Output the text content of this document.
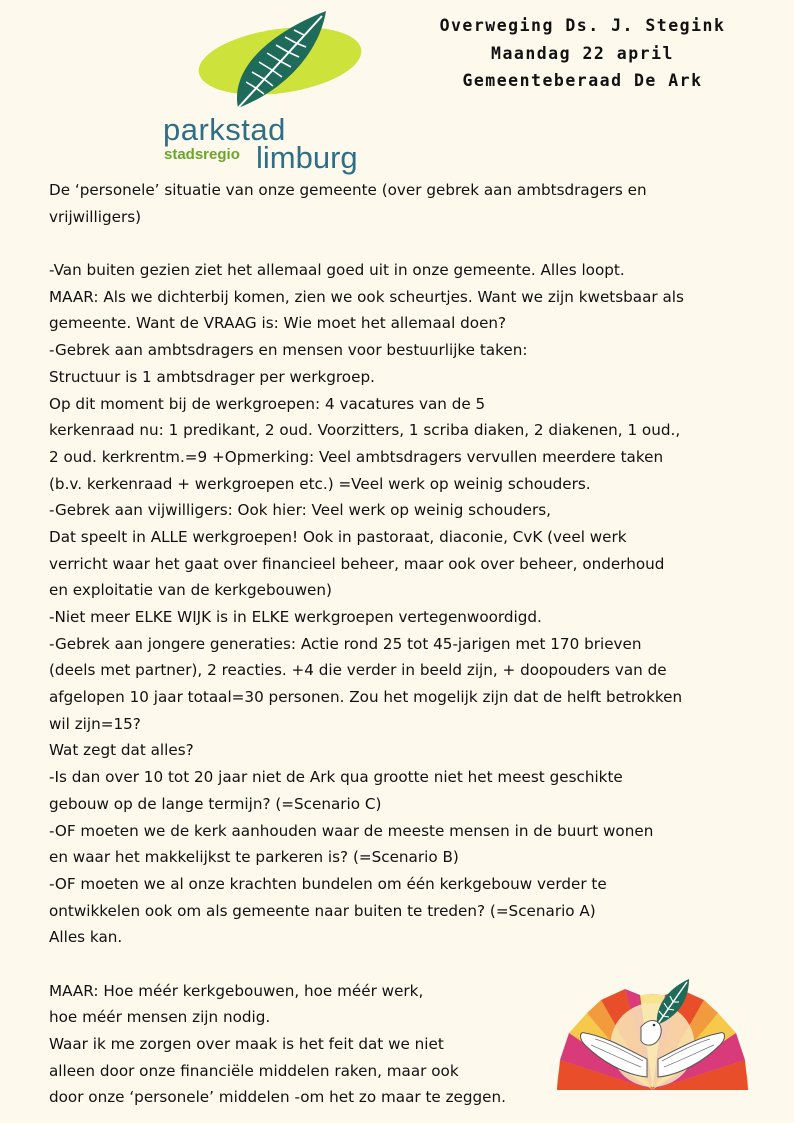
parkstad
stadsregio limburg
Overweging Ds. J. Stegink
Maandag 22 april
Gemeenteberaad De Ark
De ‘personele’ situatie van onze gemeente (over gebrek aan ambtsdragers en
vrijwilligers)
-Van buiten gezien ziet het allemaal goed uit in onze gemeente. Alles loopt.
MAAR: Als we dichterbij komen, zien we ook scheurtjes. Want we zijn kwetsbaar als
gemeente. Want de VRAAG is: Wie moet het allemaal doen?
-Gebrek aan ambtsdragers en mensen voor bestuurlijke taken:
Structuur is 1 ambtsdrager per werkgroep.
Op dit moment bij de werkgroepen: 4 vacatures van de 5
kerkenraad nu: 1 predikant, 2 oud. Voorzitters, 1 scriba diaken, 2 diakenen, 1 oud.,
2 oud. kerkrentm.=9 +Opmerking: Veel ambtsdragers vervullen meerdere taken
(b.v. kerkenraad + werkgroepen etc.) =Veel werk op weinig schouders.
-Gebrek aan vijwilligers: Ook hier: Veel werk op weinig schouders,
Dat speelt in ALLE werkgroepen! Ook in pastoraat, diaconie, CvK (veel werk
verricht waar het gaat over financieel beheer, maar ook over beheer, onderhoud
en exploitatie van de kerkgebouwen)
-Niet meer ELKE WIJK is in ELKE werkgroepen vertegenwoordigd.
-Gebrek aan jongere generaties: Actie rond 25 tot 45-jarigen met 170 brieven
(deels met partner), 2 reacties. +4 die verder in beeld zijn, + doopouders van de
afgelopen 10 jaar totaal=30 personen. Zou het mogelijk zijn dat de helft betrokken
wil zijn=15?
Wat zegt dat alles?
-Is dan over 10 tot 20 jaar niet de Ark qua grootte niet het meest geschikte
gebouw op de lange termijn? (=Scenario C)
-OF moeten we de kerk aanhouden waar de meeste mensen in de buurt wonen
en waar het makkelijkst te parkeren is? (=Scenario B)
-OF moeten we al onze krachten bundelen om één kerkgebouw verder te
ontwikkelen ook om als gemeente naar buiten te treden? (=Scenario A)
Alles kan.
MAAR: Hoe méér kerkgebouwen, hoe méér werk,
hoe méér mensen zijn nodig.
Waar ik me zorgen over maak is het feit dat we niet
alleen door onze financiële middelen raken, maar ook
door onze ‘personele’ middelen -om het zo maar te zeggen.
